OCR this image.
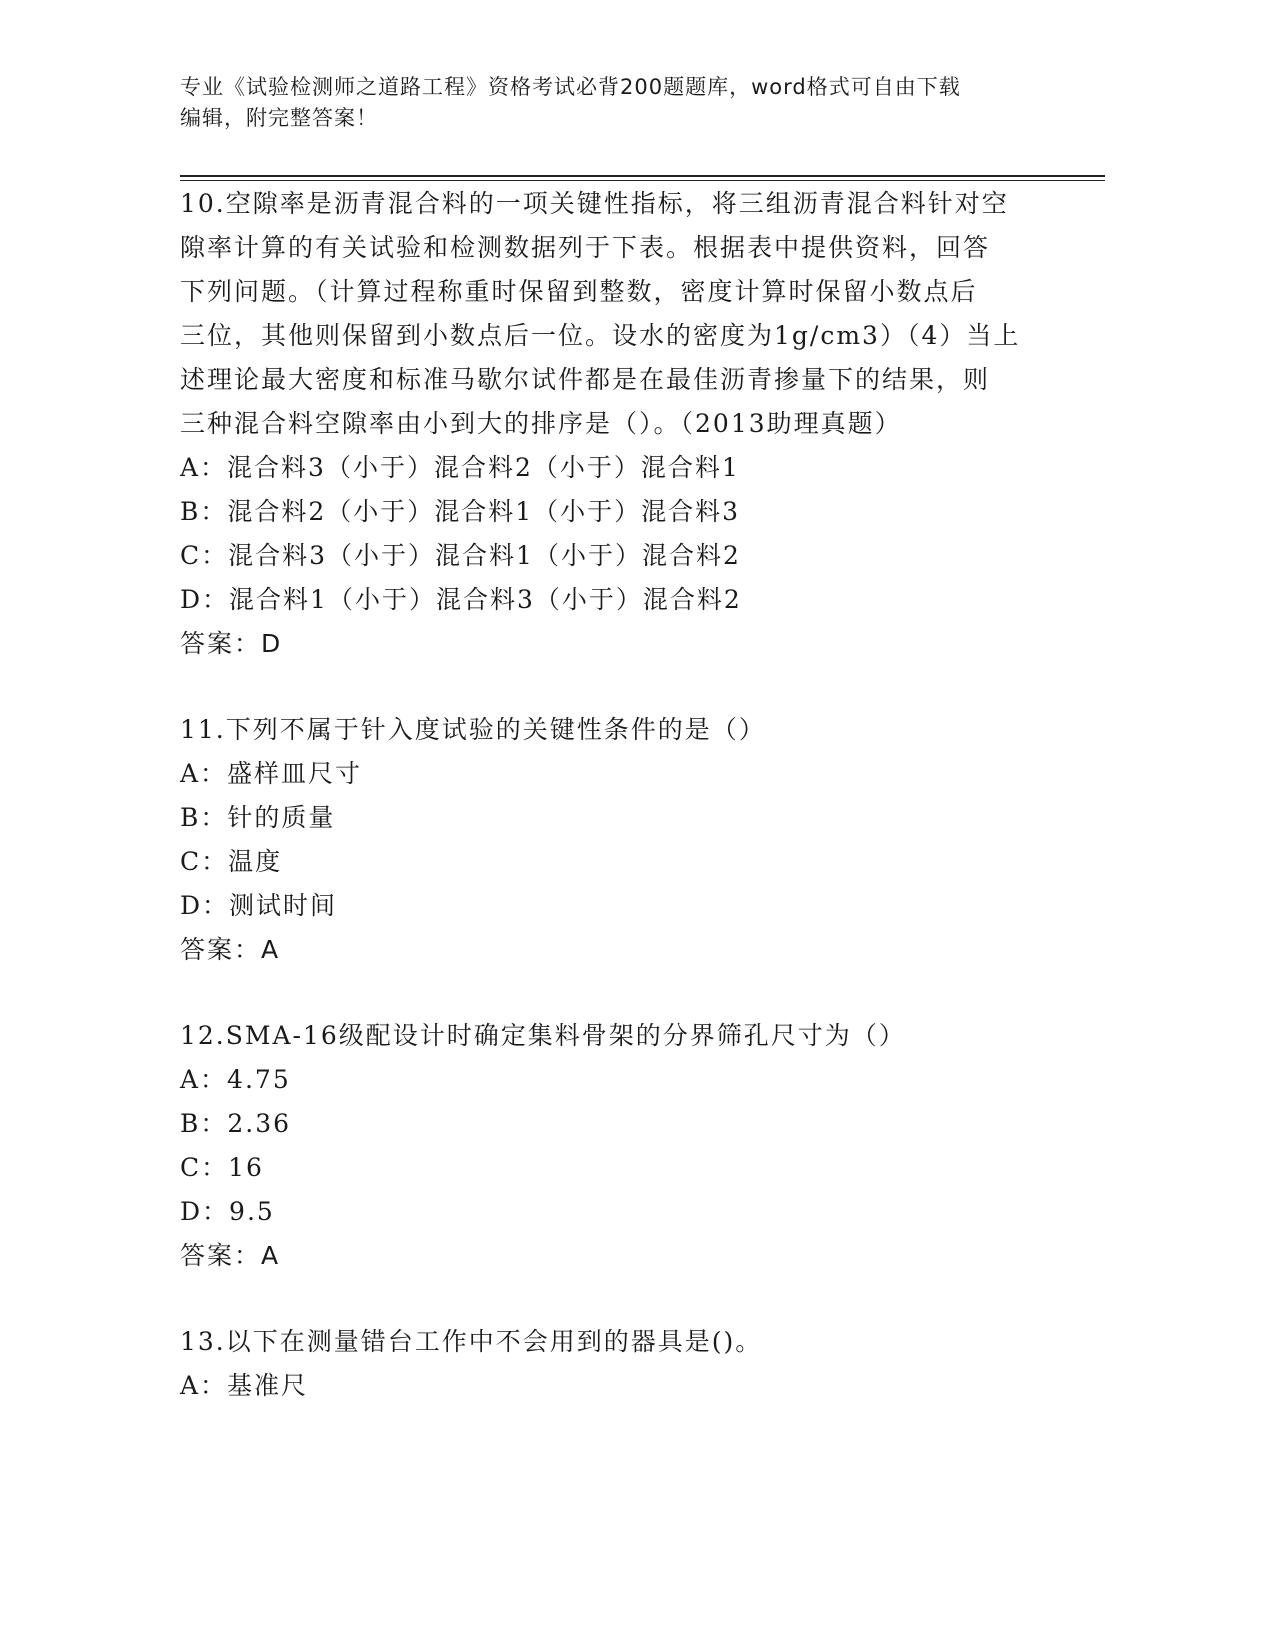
专业《试验检测师之道路工程》资格考试必背200题题库，word格式可自由下载
编辑，附完整答案！
10.空隙率是沥青混合料的一项关键性指标，将三组沥青混合料针对空
隙率计算的有关试验和检测数据列于下表。根据表中提供资料，回答
下列问题。（计算过程称重时保留到整数，密度计算时保留小数点后
三位，其他则保留到小数点后一位。设水的密度为1g/cm3）（4）当上
述理论最大密度和标准马歇尔试件都是在最佳沥青掺量下的结果，则
三种混合料空隙率由小到大的排序是（）。（2013助理真题）
A：混合料3（小于）混合料2（小于）混合料1
B：混合料2（小于）混合料1（小于）混合料3
C：混合料3（小于）混合料1（小于）混合料2
D：混合料1（小于）混合料3（小于）混合料2
答案：D
11.下列不属于针入度试验的关键性条件的是（）
A：盛样皿尺寸
B：针的质量
C：温度
D：测试时间
答案：A
12.SMA-16级配设计时确定集料骨架的分界筛孔尺寸为（）
A：4.75
B：2.36
C：16
D：9.5
答案：A
13.以下在测量错台工作中不会用到的器具是()。
A：基准尺
